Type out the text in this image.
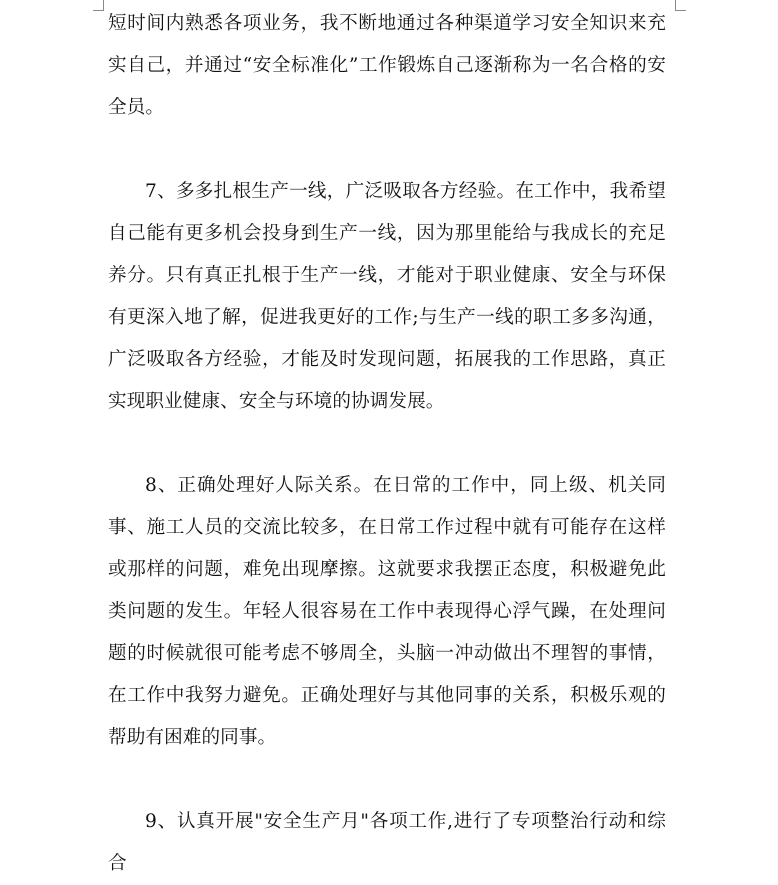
短时间内熟悉各项业务，我不断地通过各种渠道学习安全知识来充实自己，并通过“安全标准化”工作锻炼自己逐渐称为一名合格的安全员。

7、多多扎根生产一线，广泛吸取各方经验。在工作中，我希望自己能有更多机会投身到生产一线，因为那里能给与我成长的充足养分。只有真正扎根于生产一线，才能对于职业健康、安全与环保有更深入地了解，促进我更好的工作;与生产一线的职工多多沟通，广泛吸取各方经验，才能及时发现问题，拓展我的工作思路，真正实现职业健康、安全与环境的协调发展。

8、正确处理好人际关系。在日常的工作中，同上级、机关同事、施工人员的交流比较多，在日常工作过程中就有可能存在这样或那样的问题，难免出现摩擦。这就要求我摆正态度，积极避免此类问题的发生。年轻人很容易在工作中表现得心浮气躁，在处理问题的时候就很可能考虑不够周全，头脑一冲动做出不理智的事情，在工作中我努力避免。正确处理好与其他同事的关系，积极乐观的帮助有困难的同事。

9、认真开展"安全生产月"各项工作,进行了专项整治行动和综合
